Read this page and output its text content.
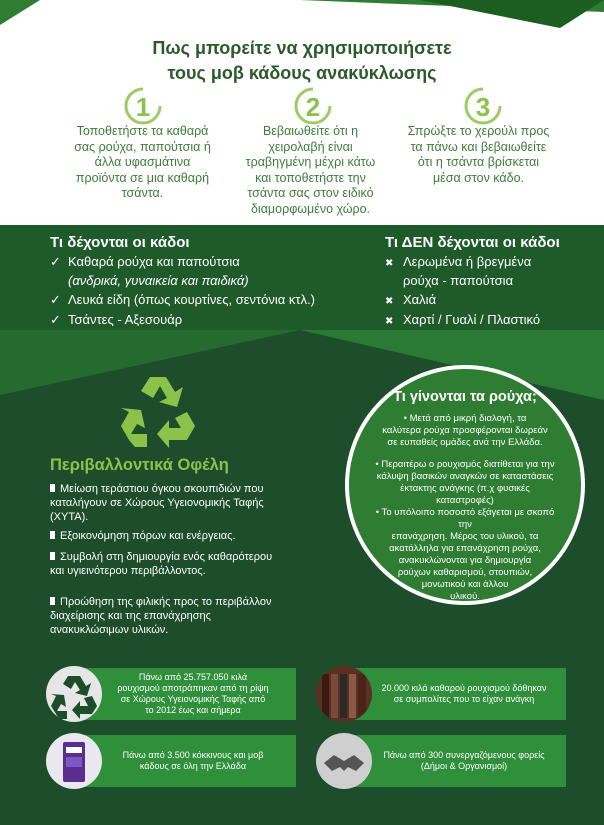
Πως μπορείτε να χρησιμοποιήσετε
τους μοβ κάδους ανακύκλωσης
1	2	3
Τοποθετήστε τα καθαρά
σας ρούχα, παπούτσια ή
άλλα υφασμάτινα
προϊόντα σε μια καθαρή
τσάντα.
Βεβαιωθείτε ότι η
χειρολαβή είναι
τραβηγμένη μέχρι κάτω
και τοποθετήστε την
τσάντα σας στον ειδικό
διαμορφωμένο χώρο.
Σπρώξτε το χερούλι προς
τα πάνω και βεβαιωθείτε
ότι η τσάντα βρίσκεται
μέσα στον κάδο.
Τι δέχονται οι κάδοι
✓ Καθαρά ρούχα και παπούτσια
(ανδρικά, γυναικεία και παιδικά)
✓ Λευκά είδη (όπως κουρτίνες, σεντόνια κτλ.)
✓ Τσάντες - Αξεσουάρ
Τι ΔΕΝ δέχονται οι κάδοι
✖ Λερωμένα ή βρεγμένα
ρούχα - παπούτσια
✖ Χαλιά
✖ Χαρτί / Γυαλί / Πλαστικό
Περιβαλλοντικά Οφέλη
Μείωση τεράστιου όγκου σκουπιδιών που
καταλήγουν σε Χώρους Υγειονομικής Ταφής
(ΧΥΤΑ).
Εξοικονόμηση πόρων και ενέργειας.
Συμβολή στη δημιουργία ενός καθαρότερου
και υγιεινότερου περιβάλλοντος.
Προώθηση της φιλικής προς το περιβάλλον
διαχείρισης και της επανάχρησης
ανακυκλώσιμων υλικών.
Τι γίνονται τα ρούχα;
• Μετά από μικρή διαλογή, τα
καλύτερα ρούχα προσφέρονται δωρεάν
σε ευπαθείς ομάδες ανά την Ελλάδα.
• Περαιτέρω ο ρουχισμός διατίθεται για την
κάλυψη βασικών αναγκών σε καταστάσεις
έκτακτης ανάγκης (π.χ φυσικές καταστροφές)
• Το υπόλοιπο ποσοστό εξάγεται με σκοπό την
επανάχρηση. Μέρος του υλικού, τα
ακατάλληλα για επανάχρηση ρούχα,
ανακυκλώνονται για δημιουργία
ρούχων καθαρισμού, στουπιών,
μονωτικού και άλλου
υλικού.
Πάνω από 25.757.050 κιλά
ρουχισμού αποτράπηκαν από τη ρίψη
σε Χώρους Υγειονομικής Ταφής από
το 2012 έως και σήμερα
20.000 κιλά καθαρού ρουχισμού δόθηκαν
σε συμπολίτες που το είχαν ανάγκη
Πάνω από 3.500 κόκκινους και μοβ
κάδους σε όλη την Ελλάδα
Πάνω από 300 συνεργαζόμενους φορείς
(Δήμοι & Οργανισμοί)
